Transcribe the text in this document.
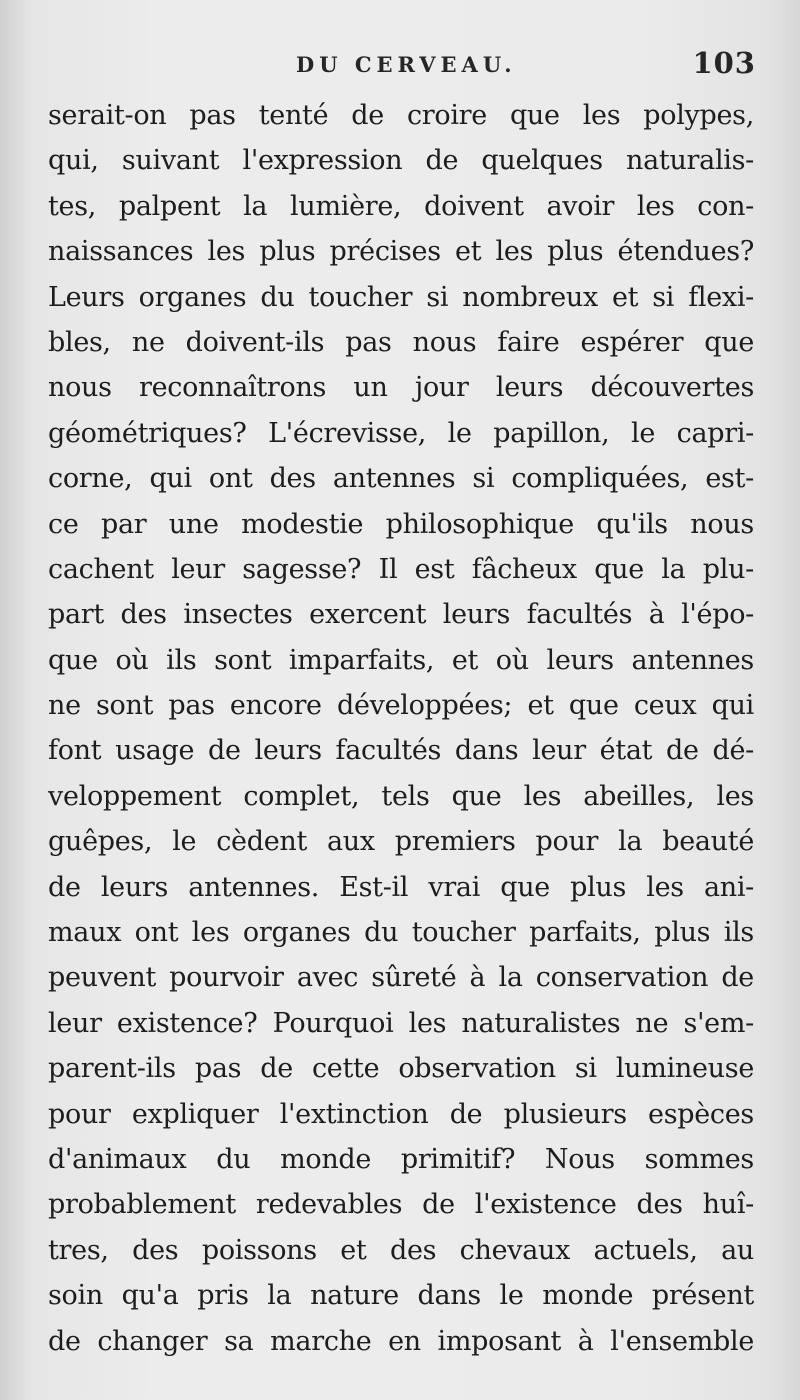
DU CERVEAU.	103
serait-on pas tenté de croire que les polypes,
qui, suivant l'expression de quelques naturalis-
tes, palpent la lumière, doivent avoir les con-
naissances les plus précises et les plus étendues?
Leurs organes du toucher si nombreux et si flexi-
bles, ne doivent-ils pas nous faire espérer que
nous reconnaîtrons un jour leurs découvertes
géométriques? L'écrevisse, le papillon, le capri-
corne, qui ont des antennes si compliquées, est-
ce par une modestie philosophique qu'ils nous
cachent leur sagesse? Il est fâcheux que la plu-
part des insectes exercent leurs facultés à l'épo-
que où ils sont imparfaits, et où leurs antennes
ne sont pas encore développées; et que ceux qui
font usage de leurs facultés dans leur état de dé-
veloppement complet, tels que les abeilles, les
guêpes, le cèdent aux premiers pour la beauté
de leurs antennes. Est-il vrai que plus les ani-
maux ont les organes du toucher parfaits, plus ils
peuvent pourvoir avec sûreté à la conservation de
leur existence? Pourquoi les naturalistes ne s'em-
parent-ils pas de cette observation si lumineuse
pour expliquer l'extinction de plusieurs espèces
d'animaux du monde primitif? Nous sommes
probablement redevables de l'existence des huî-
tres, des poissons et des chevaux actuels, au
soin qu'a pris la nature dans le monde présent
de changer sa marche en imposant à l'ensemble
